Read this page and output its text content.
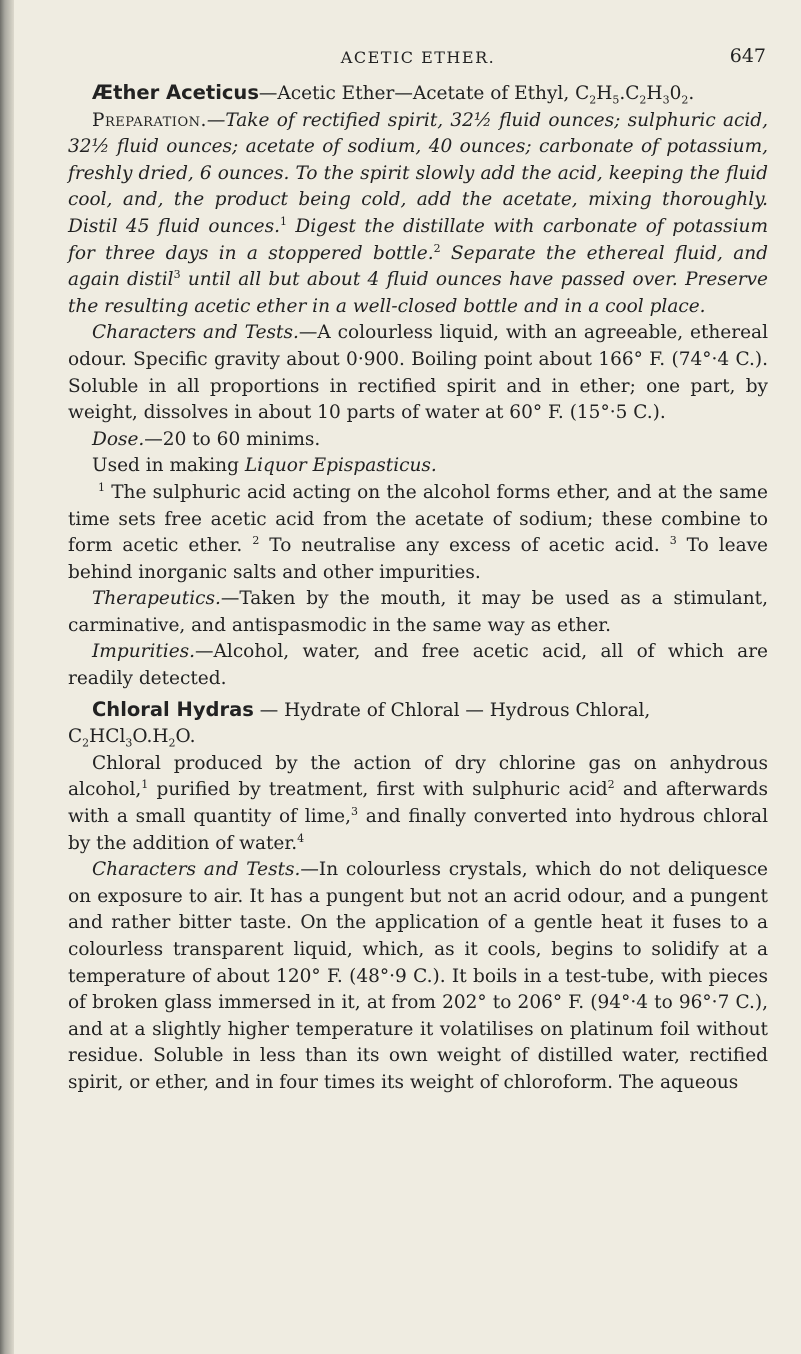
ACETIC ETHER.	647

Æther Aceticus—Acetic Ether—Acetate of Ethyl, $C_2H_5.C_2H_30_2$.

Preparation.—Take of rectified spirit, 32½ fluid ounces; sulphuric acid, 32½ fluid ounces; acetate of sodium, 40 ounces; carbonate of potassium, freshly dried, 6 ounces. To the spirit slowly add the acid, keeping the fluid cool, and, the product being cold, add the acetate, mixing thoroughly. Distil 45 fluid ounces.$^1$ Digest the distillate with carbonate of potassium for three days in a stoppered bottle.$^2$ Separate the ethereal fluid, and again distil$^3$ until all but about 4 fluid ounces have passed over. Preserve the resulting acetic ether in a well-closed bottle and in a cool place.

Characters and Tests.—A colourless liquid, with an agreeable, ethereal odour. Specific gravity about 0·900. Boiling point about 166° F. (74°·4 C.). Soluble in all proportions in rectified spirit and in ether; one part, by weight, dissolves in about 10 parts of water at 60° F. (15°·5 C.).

Dose.—20 to 60 minims.

Used in making Liquor Epispasticus.

$^1$ The sulphuric acid acting on the alcohol forms ether, and at the same time sets free acetic acid from the acetate of sodium; these combine to form acetic ether. $^2$ To neutralise any excess of acetic acid. $^3$ To leave behind inorganic salts and other impurities.

Therapeutics.—Taken by the mouth, it may be used as a stimulant, carminative, and antispasmodic in the same way as ether.

Impurities.—Alcohol, water, and free acetic acid, all of which are readily detected.

Chloral Hydras — Hydrate of Chloral — Hydrous Chloral,
$C_2HCl_3O.H_2O$.

Chloral produced by the action of dry chlorine gas on anhydrous alcohol,$^1$ purified by treatment, first with sulphuric acid$^2$ and afterwards with a small quantity of lime,$^3$ and finally converted into hydrous chloral by the addition of water.$^4$

Characters and Tests.—In colourless crystals, which do not deliquesce on exposure to air. It has a pungent but not an acrid odour, and a pungent and rather bitter taste. On the application of a gentle heat it fuses to a colourless transparent liquid, which, as it cools, begins to solidify at a temperature of about 120° F. (48°·9 C.). It boils in a test-tube, with pieces of broken glass immersed in it, at from 202° to 206° F. (94°·4 to 96°·7 C.), and at a slightly higher temperature it volatilises on platinum foil without residue. Soluble in less than its own weight of distilled water, rectified spirit, or ether, and in four times its weight of chloroform. The aqueous
